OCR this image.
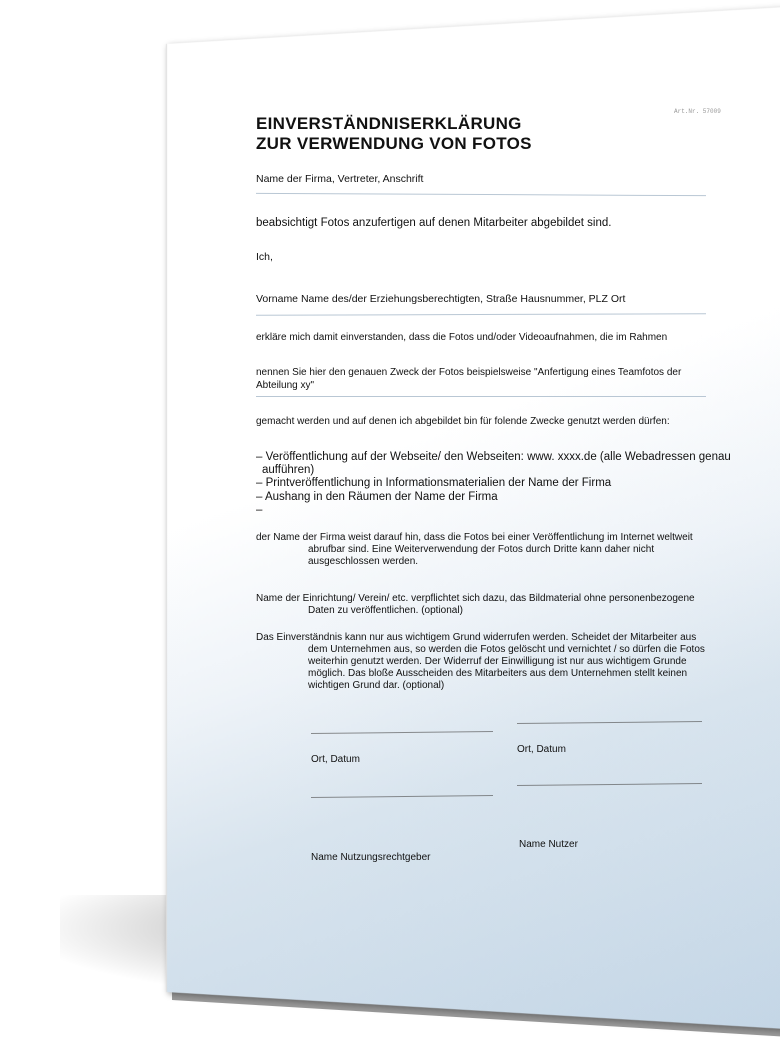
Art.Nr. 57009
EINVERSTÄNDNISERKLÄRUNG
ZUR VERWENDUNG VON FOTOS
Name der Firma, Vertreter, Anschrift
beabsichtigt Fotos anzufertigen auf denen Mitarbeiter abgebildet sind.
Ich,
Vorname Name des/der Erziehungsberechtigten, Straße Hausnummer, PLZ Ort
erkläre mich damit einverstanden, dass die Fotos und/oder Videoaufnahmen, die im Rahmen
nennen Sie hier den genauen Zweck der Fotos beispielsweise "Anfertigung eines Teamfotos der
Abteilung xy"
gemacht werden und auf denen ich abgebildet bin für folende Zwecke genutzt werden dürfen:
– Veröffentlichung auf der Webseite/ den Webseiten: www. xxxx.de (alle Webadressen genau
aufführen)
– Printveröffentlichung in Informationsmaterialien der Name der Firma
– Aushang in den Räumen der Name der Firma
–
der Name der Firma weist darauf hin, dass die Fotos bei einer Veröffentlichung im Internet weltweit
abrufbar sind. Eine Weiterverwendung der Fotos durch Dritte kann daher nicht
ausgeschlossen werden.
Name der Einrichtung/ Verein/ etc. verpflichtet sich dazu, das Bildmaterial ohne personenbezogene
Daten zu veröffentlichen. (optional)
Das Einverständnis kann nur aus wichtigem Grund widerrufen werden. Scheidet der Mitarbeiter aus
dem Unternehmen aus, so werden die Fotos gelöscht und vernichtet / so dürfen die Fotos
weiterhin genutzt werden. Der Widerruf der Einwilligung ist nur aus wichtigem Grunde
möglich. Das bloße Ausscheiden des Mitarbeiters aus dem Unternehmen stellt keinen
wichtigen Grund dar. (optional)
Ort, Datum
Ort, Datum
Name Nutzungsrechtgeber
Name Nutzer
